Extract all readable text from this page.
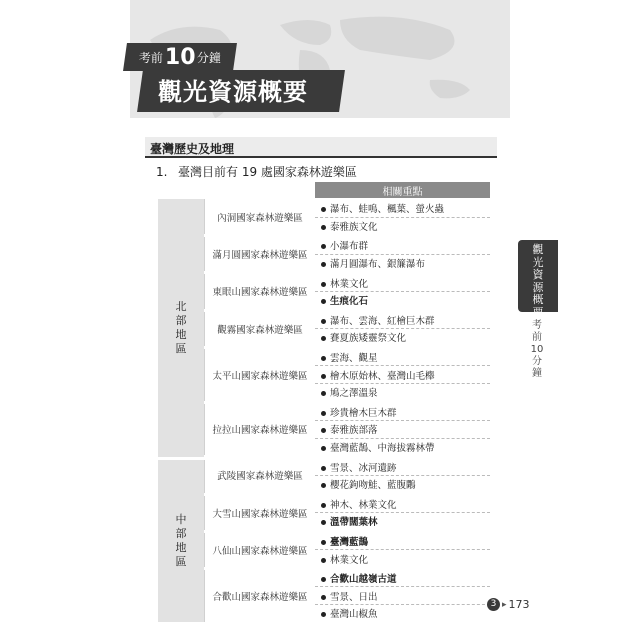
考前 10 分鐘
觀光資源概要
臺灣歷史及地理
1. 臺灣目前有 19 處國家森林遊樂區
		相關重點

北部地區	內洞國家森林遊樂區	瀑布、蛙鳴、楓葉、螢火蟲
		泰雅族文化
	滿月圓國家森林遊樂區	小瀑布群
		滿月圓瀑布、銀簾瀑布
	東眼山國家森林遊樂區	林業文化
		生痕化石
	觀霧國家森林遊樂區	瀑布、雲海、紅檜巨木群
		賽夏族矮靈祭文化
	太平山國家森林遊樂區	雲海、觀星
		檜木原始林、臺灣山毛櫸
		鳩之澤溫泉
	拉拉山國家森林遊樂區	珍貴檜木巨木群
		泰雅族部落
		臺灣藍鵲、中海拔霧林帶

中部地區	武陵國家森林遊樂區	雪景、冰河遺跡
		櫻花鉤吻鮭、藍腹鷴
	大雪山國家森林遊樂區	神木、林業文化
		溫帶闊葉林
	八仙山國家森林遊樂區	臺灣藍鵲
		林業文化
	合歡山國家森林遊樂區	合歡山越嶺古道
		雪景、日出
		臺灣山椒魚
觀光資源概要
考前10分鐘
3 ▸ 173
